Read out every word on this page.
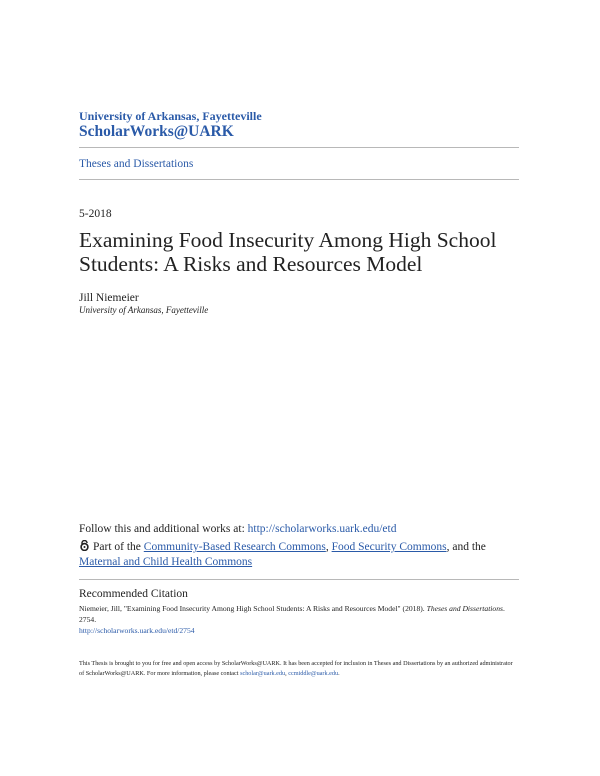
University of Arkansas, Fayetteville
ScholarWorks@UARK
Theses and Dissertations
5-2018
Examining Food Insecurity Among High School Students: A Risks and Resources Model
Jill Niemeier
University of Arkansas, Fayetteville
Follow this and additional works at: http://scholarworks.uark.edu/etd
Part of the Community-Based Research Commons, Food Security Commons, and the Maternal and Child Health Commons
Recommended Citation
Niemeier, Jill, "Examining Food Insecurity Among High School Students: A Risks and Resources Model" (2018). Theses and Dissertations. 2754.
http://scholarworks.uark.edu/etd/2754
This Thesis is brought to you for free and open access by ScholarWorks@UARK. It has been accepted for inclusion in Theses and Dissertations by an authorized administrator of ScholarWorks@UARK. For more information, please contact scholar@uark.edu, ccmiddle@uark.edu.
